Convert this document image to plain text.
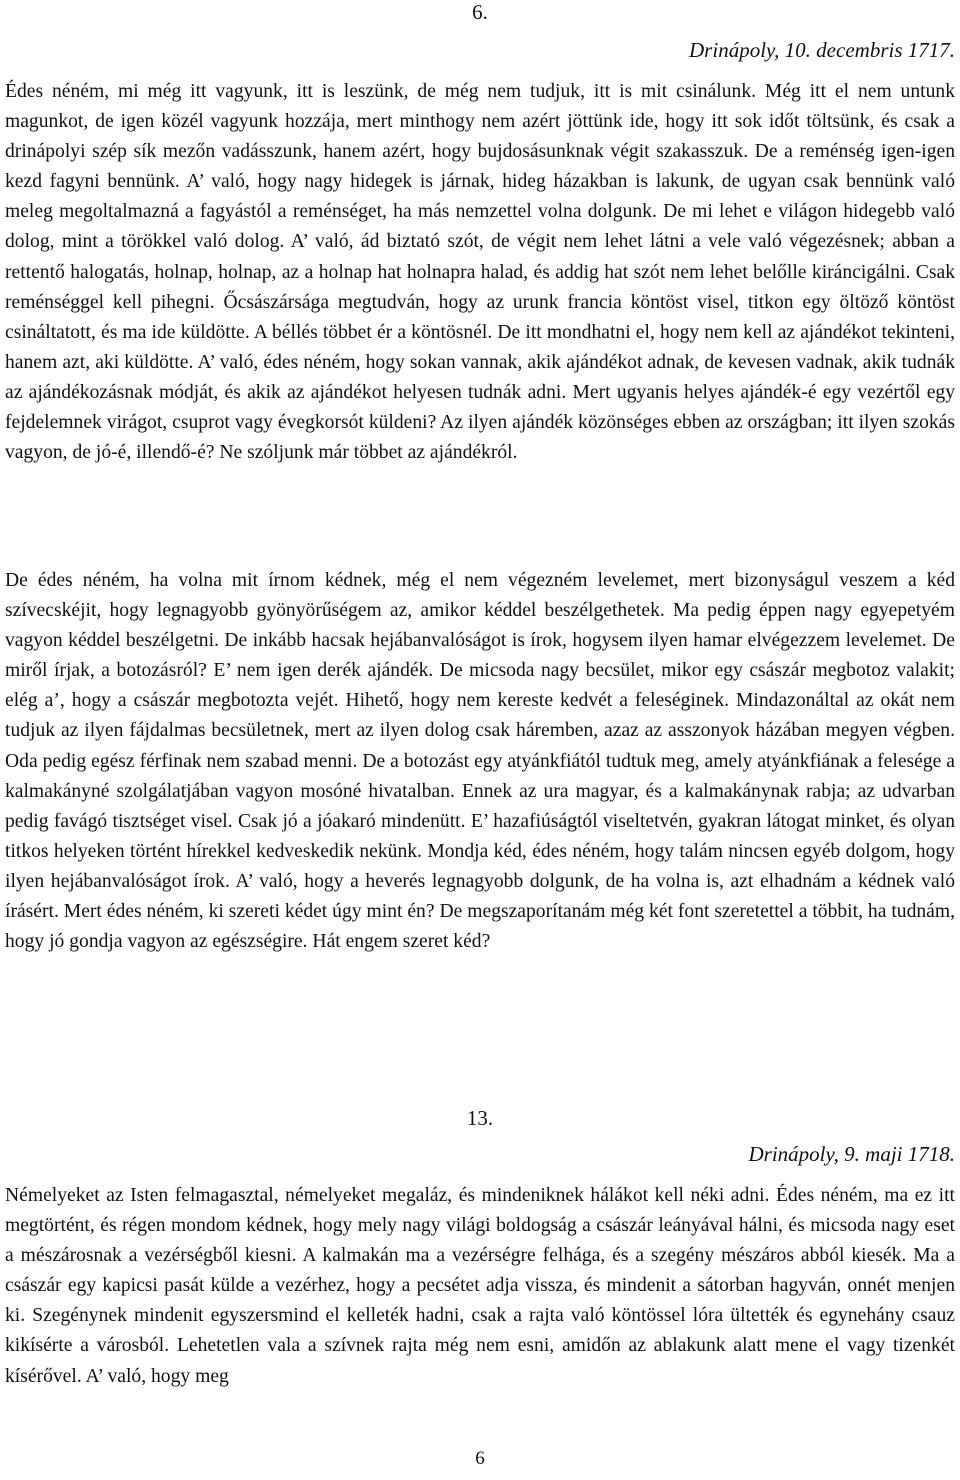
6.

Drinápoly, 10. decembris 1717.

Édes néném, mi még itt vagyunk, itt is leszünk, de még nem tudjuk, itt is mit csinálunk. Még itt el nem untunk magunkot, de igen közél vagyunk hozzája, mert minthogy nem azért jöttünk ide, hogy itt sok időt töltsünk, és csak a drinápolyi szép sík mezőn vadásszunk, hanem azért, hogy bujdosásunknak végit szakasszuk. De a reménség igen-igen kezd fagyni bennünk. A’ való, hogy nagy hidegek is járnak, hideg házakban is lakunk, de ugyan csak bennünk való meleg megoltalmazná a fagyástól a reménséget, ha más nemzettel volna dolgunk. De mi lehet e világon hidegebb való dolog, mint a törökkel való dolog. A’ való, ád biztató szót, de végit nem lehet látni a vele való végezésnek; abban a rettentő halogatás, holnap, holnap, az a holnap hat holnapra halad, és addig hat szót nem lehet belőlle kiráncigálni. Csak reménséggel kell pihegni. Őcsászársága megtudván, hogy az urunk francia köntöst visel, titkon egy öltöző köntöst csináltatott, és ma ide küldötte. A béllés többet ér a köntösnél. De itt mondhatni el, hogy nem kell az ajándékot tekinteni, hanem azt, aki küldötte. A’ való, édes néném, hogy sokan vannak, akik ajándékot adnak, de kevesen vadnak, akik tudnák az ajándékozásnak módját, és akik az ajándékot helyesen tudnák adni. Mert ugyanis helyes ajándék-é egy vezértől egy fejdelemnek virágot, csuprot vagy évegkorsót küldeni? Az ilyen ajándék közönséges ebben az országban; itt ilyen szokás vagyon, de jó-é, illendő-é? Ne szóljunk már többet az ajándékról.

De édes néném, ha volna mit írnom kédnek, még el nem végezném levelemet, mert bizonyságul veszem a kéd szívecskéjit, hogy legnagyobb gyönyörűségem az, amikor kéddel beszélgethetek. Ma pedig éppen nagy egyepetyém vagyon kéddel beszélgetni. De inkább hacsak hejábanvalóságot is írok, hogysem ilyen hamar elvégezzem levelemet. De miről írjak, a botozásról? E’ nem igen derék ajándék. De micsoda nagy becsület, mikor egy császár megbotoz valakit; elég a’, hogy a császár megbotozta vejét. Hihető, hogy nem kereste kedvét a feleséginek. Mindazonáltal az okát nem tudjuk az ilyen fájdalmas becsületnek, mert az ilyen dolog csak háremben, azaz az asszonyok házában megyen végben. Oda pedig egész férfinak nem szabad menni. De a botozást egy atyánkfiától tudtuk meg, amely atyánkfiának a felesége a kalmakányné szolgálatjában vagyon mosóné hivatalban. Ennek az ura magyar, és a kalmakánynak rabja; az udvarban pedig favágó tisztséget visel. Csak jó a jóakaró mindenütt. E’ hazafiúságtól viseltetvén, gyakran látogat minket, és olyan titkos helyeken történt hírekkel kedveskedik nekünk. Mondja kéd, édes néném, hogy talám nincsen egyéb dolgom, hogy ilyen hejábanvalóságot írok. A’ való, hogy a heverés legnagyobb dolgunk, de ha volna is, azt elhadnám a kédnek való írásért. Mert édes néném, ki szereti kédet úgy mint én? De megszaporítanám még két font szeretettel a többit, ha tudnám, hogy jó gondja vagyon az egészségire. Hát engem szeret kéd?

13.

Drinápoly, 9. maji 1718.

Némelyeket az Isten felmagasztal, némelyeket megaláz, és mindeniknek hálákot kell néki adni. Édes néném, ma ez itt megtörtént, és régen mondom kédnek, hogy mely nagy világi boldogság a császár leányával hálni, és micsoda nagy eset a mészárosnak a vezérségből kiesni. A kalmakán ma a vezérségre felhága, és a szegény mészáros abból kiesék. Ma a császár egy kapicsi pasát külde a vezérhez, hogy a pecsétet adja vissza, és mindenit a sátorban hagyván, onnét menjen ki. Szegénynek mindenit egyszersmind el kelleték hadni, csak a rajta való köntössel lóra ültették és egynehány csauz kikísérte a városból. Lehetetlen vala a szívnek rajta még nem esni, amidőn az ablakunk alatt mene el vagy tizenkét kísérővel. A’ való, hogy meg

6
